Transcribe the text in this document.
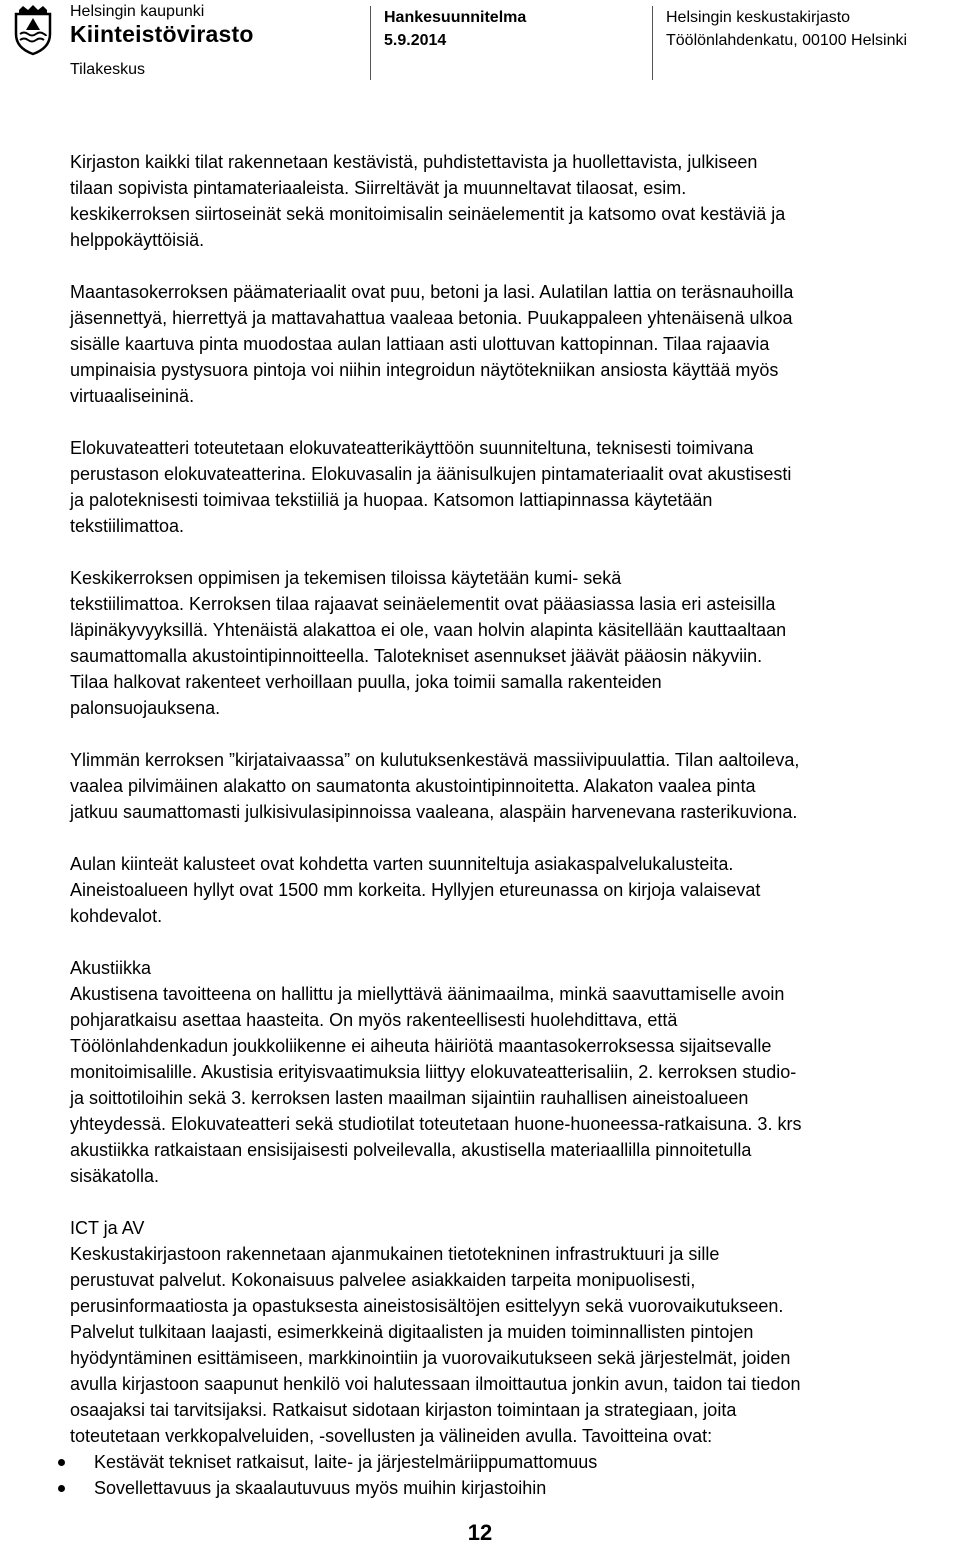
Helsingin kaupunki
Kiinteistövirasto
Tilakeskus
Hankesuunnitelma
5.9.2014
Helsingin keskustakirjasto
Töölönlahdenkatu, 00100 Helsinki
Kirjaston kaikki tilat rakennetaan kestävistä, puhdistettavista ja huollettavista, julkiseen
tilaan sopivista pintamateriaaleista. Siirreltävät ja muunneltavat tilaosat, esim.
keskikerroksen siirtoseinät sekä monitoimisalin seinäelementit ja katsomo ovat kestäviä ja
helppokäyttöisiä.
Maantasokerroksen päämateriaalit ovat puu, betoni ja lasi. Aulatilan lattia on teräsnauhoilla
jäsennettyä, hierrettyä ja mattavahattua vaaleaa betonia. Puukappaleen yhtenäisenä ulkoa
sisälle kaartuva pinta muodostaa aulan lattiaan asti ulottuvan kattopinnan. Tilaa rajaavia
umpinaisia pystysuora pintoja voi niihin integroidun näytötekniikan ansiosta käyttää myös
virtuaaliseininä.
Elokuvateatteri toteutetaan elokuvateatterikäyttöön suunniteltuna, teknisesti toimivana
perustason elokuvateatterina. Elokuvasalin ja äänisulkujen pintamateriaalit ovat akustisesti
ja paloteknisesti toimivaa tekstiiliä ja huopaa. Katsomon lattiapinnassa käytetään
tekstiilimattoa.
Keskikerroksen oppimisen ja tekemisen tiloissa käytetään kumi- sekä
tekstiilimattoa. Kerroksen tilaa rajaavat seinäelementit ovat pääasiassa lasia eri asteisilla
läpinäkyvyyksillä. Yhtenäistä alakattoa ei ole, vaan holvin alapinta käsitellään kauttaaltaan
saumattomalla akustointipinnoitteella. Talotekniset asennukset jäävät pääosin näkyviin.
Tilaa halkovat rakenteet verhoillaan puulla, joka toimii samalla rakenteiden
palonsuojauksena.
Ylimmän kerroksen ”kirjataivaassa” on kulutuksenkestävä massiivipuulattia. Tilan aaltoileva,
vaalea pilvimäinen alakatto on saumatonta akustointipinnoitetta. Alakaton vaalea pinta
jatkuu saumattomasti julkisivulasipinnoissa vaaleana, alaspäin harvenevana rasterikuviona.
Aulan kiinteät kalusteet ovat kohdetta varten suunniteltuja asiakaspalvelukalusteita.
Aineistoalueen hyllyt ovat 1500 mm korkeita. Hyllyjen etureunassa on kirjoja valaisevat
kohdevalot.
Akustiikka
Akustisena tavoitteena on hallittu ja miellyttävä äänimaailma, minkä saavuttamiselle avoin
pohjaratkaisu asettaa haasteita. On myös rakenteellisesti huolehdittava, että
Töölönlahdenkadun joukkoliikenne ei aiheuta häiriötä maantasokerroksessa sijaitsevalle
monitoimisalille. Akustisia erityisvaatimuksia liittyy elokuvateatterisaliin, 2. kerroksen studio-
ja soittotiloihin sekä 3. kerroksen lasten maailman sijaintiin rauhallisen aineistoalueen
yhteydessä. Elokuvateatteri sekä studiotilat toteutetaan huone-huoneessa-ratkaisuna. 3. krs
akustiikka ratkaistaan ensisijaisesti polveilevalla, akustisella materiaallilla pinnoitetulla
sisäkatolla.
ICT ja AV
Keskustakirjastoon rakennetaan ajanmukainen tietotekninen infrastruktuuri ja sille
perustuvat palvelut. Kokonaisuus palvelee asiakkaiden tarpeita monipuolisesti,
perusinformaatiosta ja opastuksesta aineistosisältöjen esittelyyn sekä vuorovaikutukseen.
Palvelut tulkitaan laajasti, esimerkkeinä digitaalisten ja muiden toiminnallisten pintojen
hyödyntäminen esittämiseen, markkinointiin ja vuorovaikutukseen sekä järjestelmät, joiden
avulla kirjastoon saapunut henkilö voi halutessaan ilmoittautua jonkin avun, taidon tai tiedon
osaajaksi tai tarvitsijaksi. Ratkaisut sidotaan kirjaston toimintaan ja strategiaan, joita
toteutetaan verkkopalveluiden, -sovellusten ja välineiden avulla. Tavoitteina ovat:
Kestävät tekniset ratkaisut, laite- ja järjestelmäriippumattomuus
Sovellettavuus ja skaalautuvuus myös muihin kirjastoihin
12
